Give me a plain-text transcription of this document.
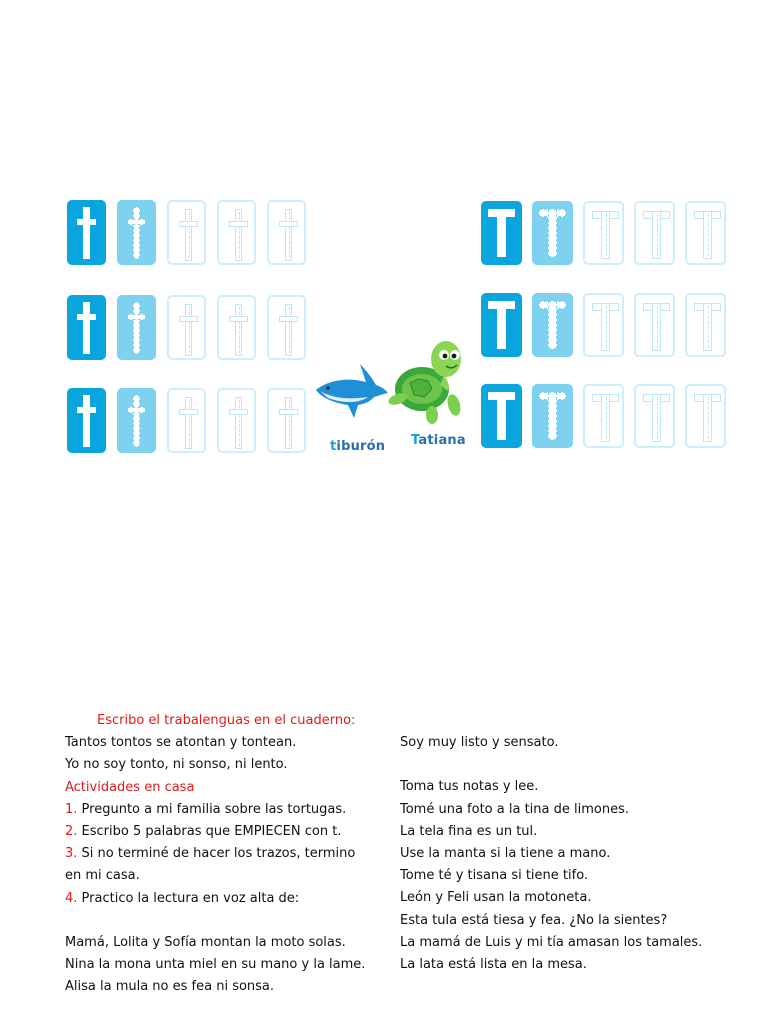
tiburón Tatiana
Escribo el trabalenguas en el cuaderno:
Tantos tontos se atontan y tontean.
Yo no soy tonto, ni sonso, ni lento.
Actividades en casa
1. Pregunto a mi familia sobre las tortugas.
2. Escribo 5 palabras que EMPIECEN con t.
3. Si no terminé de hacer los trazos, termino
en mi casa.
4. Practico la lectura en voz alta de:
Mamá, Lolita y Sofía montan la moto solas.
Nina la mona unta miel en su mano y la lame.
Alisa la mula no es fea ni sonsa.
Soy muy listo y sensato.
Toma tus notas y lee.
Tomé una foto a la tina de limones.
La tela fina es un tul.
Use la manta si la tiene a mano.
Tome té y tisana si tiene tifo.
León y Feli usan la motoneta.
Esta tula está tiesa y fea. ¿No la sientes?
La mamá de Luis y mi tía amasan los tamales.
La lata está lista en la mesa.
